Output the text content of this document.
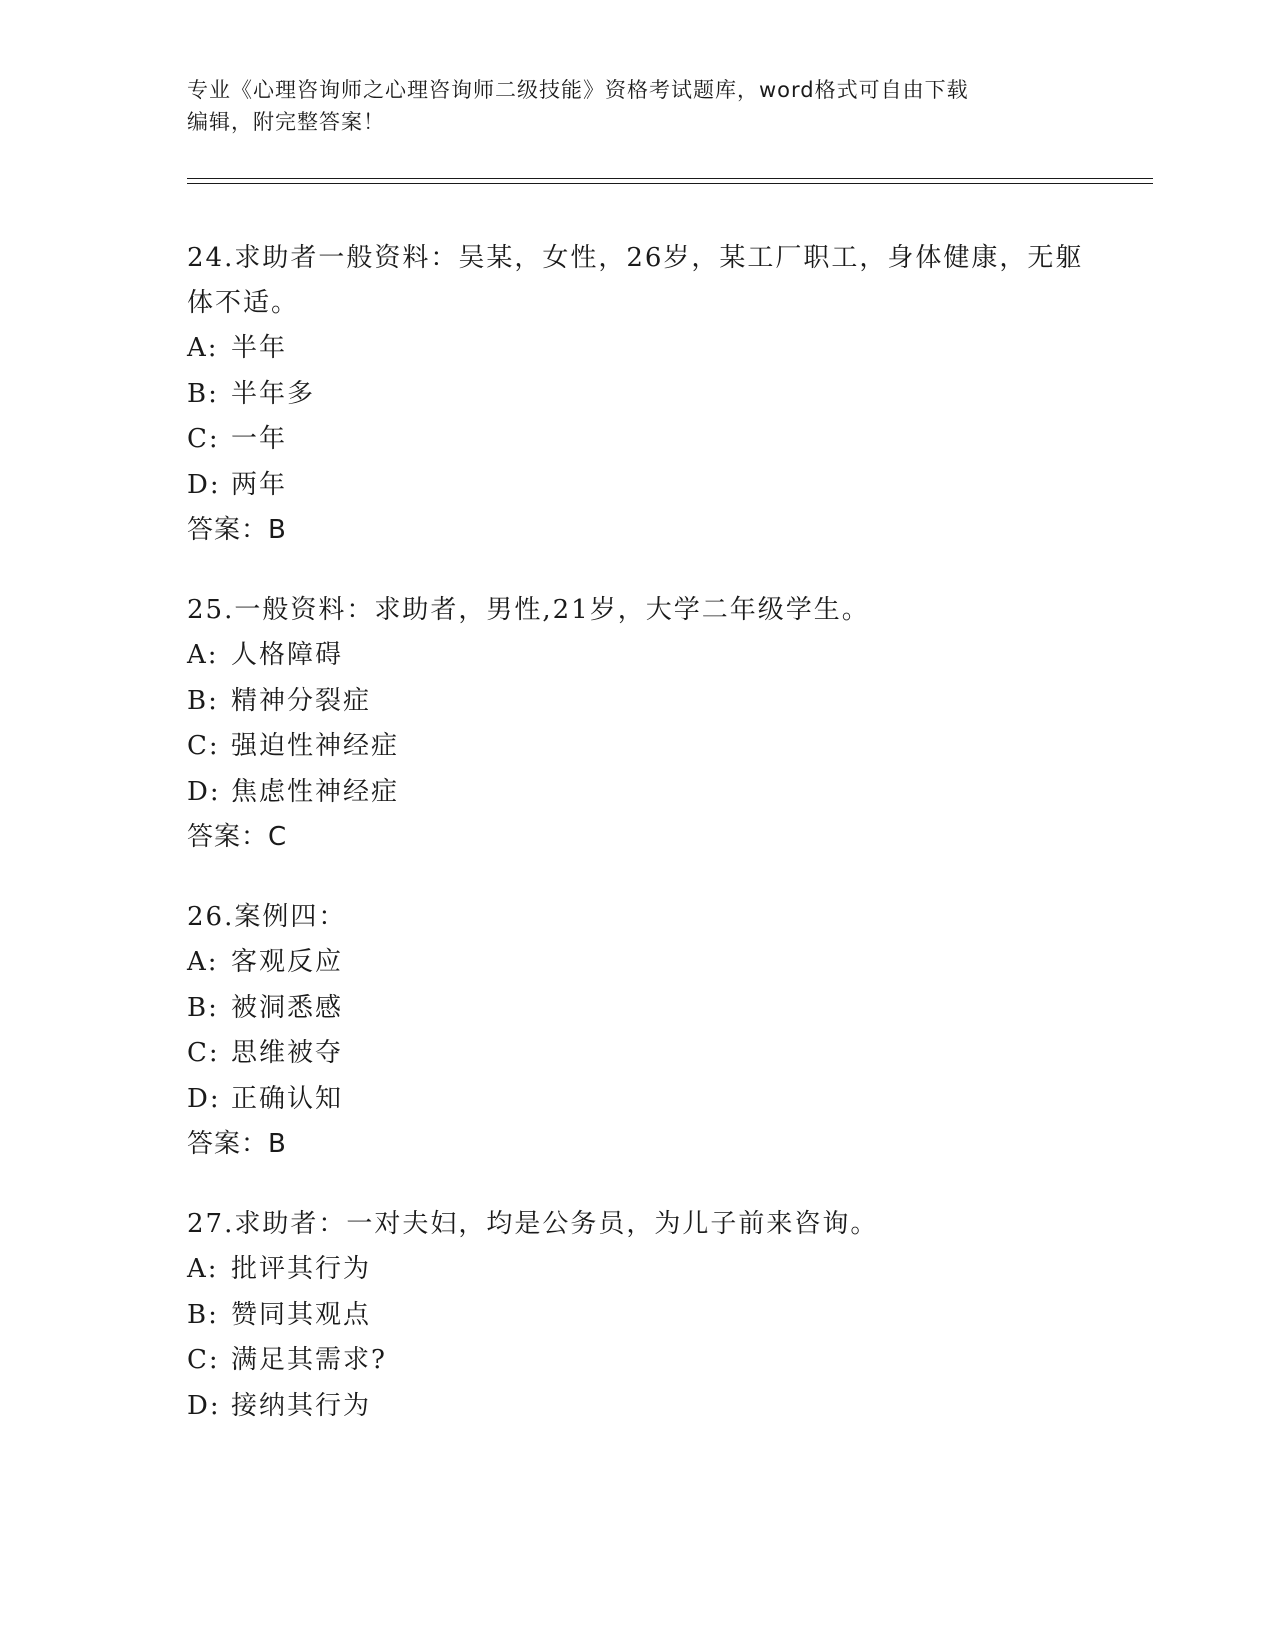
专业《心理咨询师之心理咨询师二级技能》资格考试题库，word格式可自由下载
编辑，附完整答案！
24.求助者一般资料：吴某，女性，26岁，某工厂职工，身体健康，无躯体不适。
A: 半年
B: 半年多
C: 一年
D: 两年
答案：B
25.一般资料：求助者，男性,21岁，大学二年级学生。
A: 人格障碍
B: 精神分裂症
C: 强迫性神经症
D: 焦虑性神经症
答案：C
26.案例四：
A: 客观反应
B: 被洞悉感
C: 思维被夺
D: 正确认知
答案：B
27.求助者：一对夫妇，均是公务员，为儿子前来咨询。
A: 批评其行为
B: 赞同其观点
C: 满足其需求?
D: 接纳其行为
